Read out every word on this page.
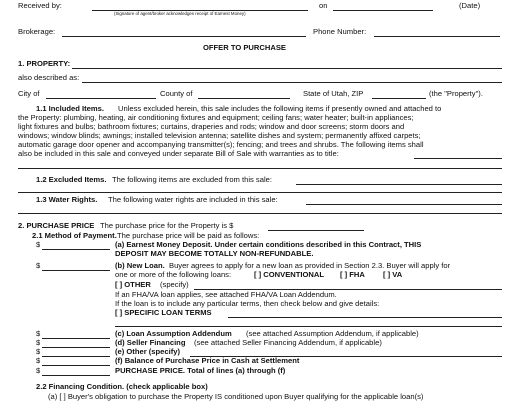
Received by:
(Signature of agent/broker acknowledges receipt of Earnest Money)
on	(Date)
Brokerage:	Phone Number:
OFFER TO PURCHASE
1. PROPERTY:
also described as:
City of	County of	State of Utah, ZIP	(the "Property").
1.1 Included Items. Unless excluded herein, this sale includes the following items if presently owned and attached to
the Property: plumbing, heating, air conditioning fixtures and equipment; ceiling fans; water heater; built-in appliances;
light fixtures and bulbs; bathroom fixtures; curtains, draperies and rods; window and door screens; storm doors and
windows; window blinds; awnings; installed television antenna; satellite dishes and system; permanently affixed carpets;
automatic garage door opener and accompanying transmitter(s); fencing; and trees and shrubs. The following items shall
also be included in this sale and conveyed under separate Bill of Sale with warranties as to title:
1.2 Excluded Items. The following items are excluded from this sale:
1.3 Water Rights. The following water rights are included in this sale:
2. PURCHASE PRICE The purchase price for the Property is $
2.1 Method of Payment. The purchase price will be paid as follows:
$	(a) Earnest Money Deposit. Under certain conditions described in this Contract, THIS
DEPOSIT MAY BECOME TOTALLY NON-REFUNDABLE.
$	(b) New Loan. Buyer agrees to apply for a new loan as provided in Section 2.3. Buyer will apply for
one or more of the following loans:	[ ] CONVENTIONAL [ ] FHA [ ] VA
[ ] OTHER (specify)
If an FHA/VA loan applies, see attached FHA/VA Loan Addendum.
If the loan is to include any particular terms, then check below and give details:
[ ] SPECIFIC LOAN TERMS
$	(c) Loan Assumption Addendum (see attached Assumption Addendum, if applicable)
$	(d) Seller Financing (see attached Seller Financing Addendum, if applicable)
$	(e) Other (specify)
$	(f) Balance of Purchase Price in Cash at Settlement
$	PURCHASE PRICE. Total of lines (a) through (f)
2.2 Financing Condition. (check applicable box)
(a) [ ] Buyer's obligation to purchase the Property IS conditioned upon Buyer qualifying for the applicable loan(s)
